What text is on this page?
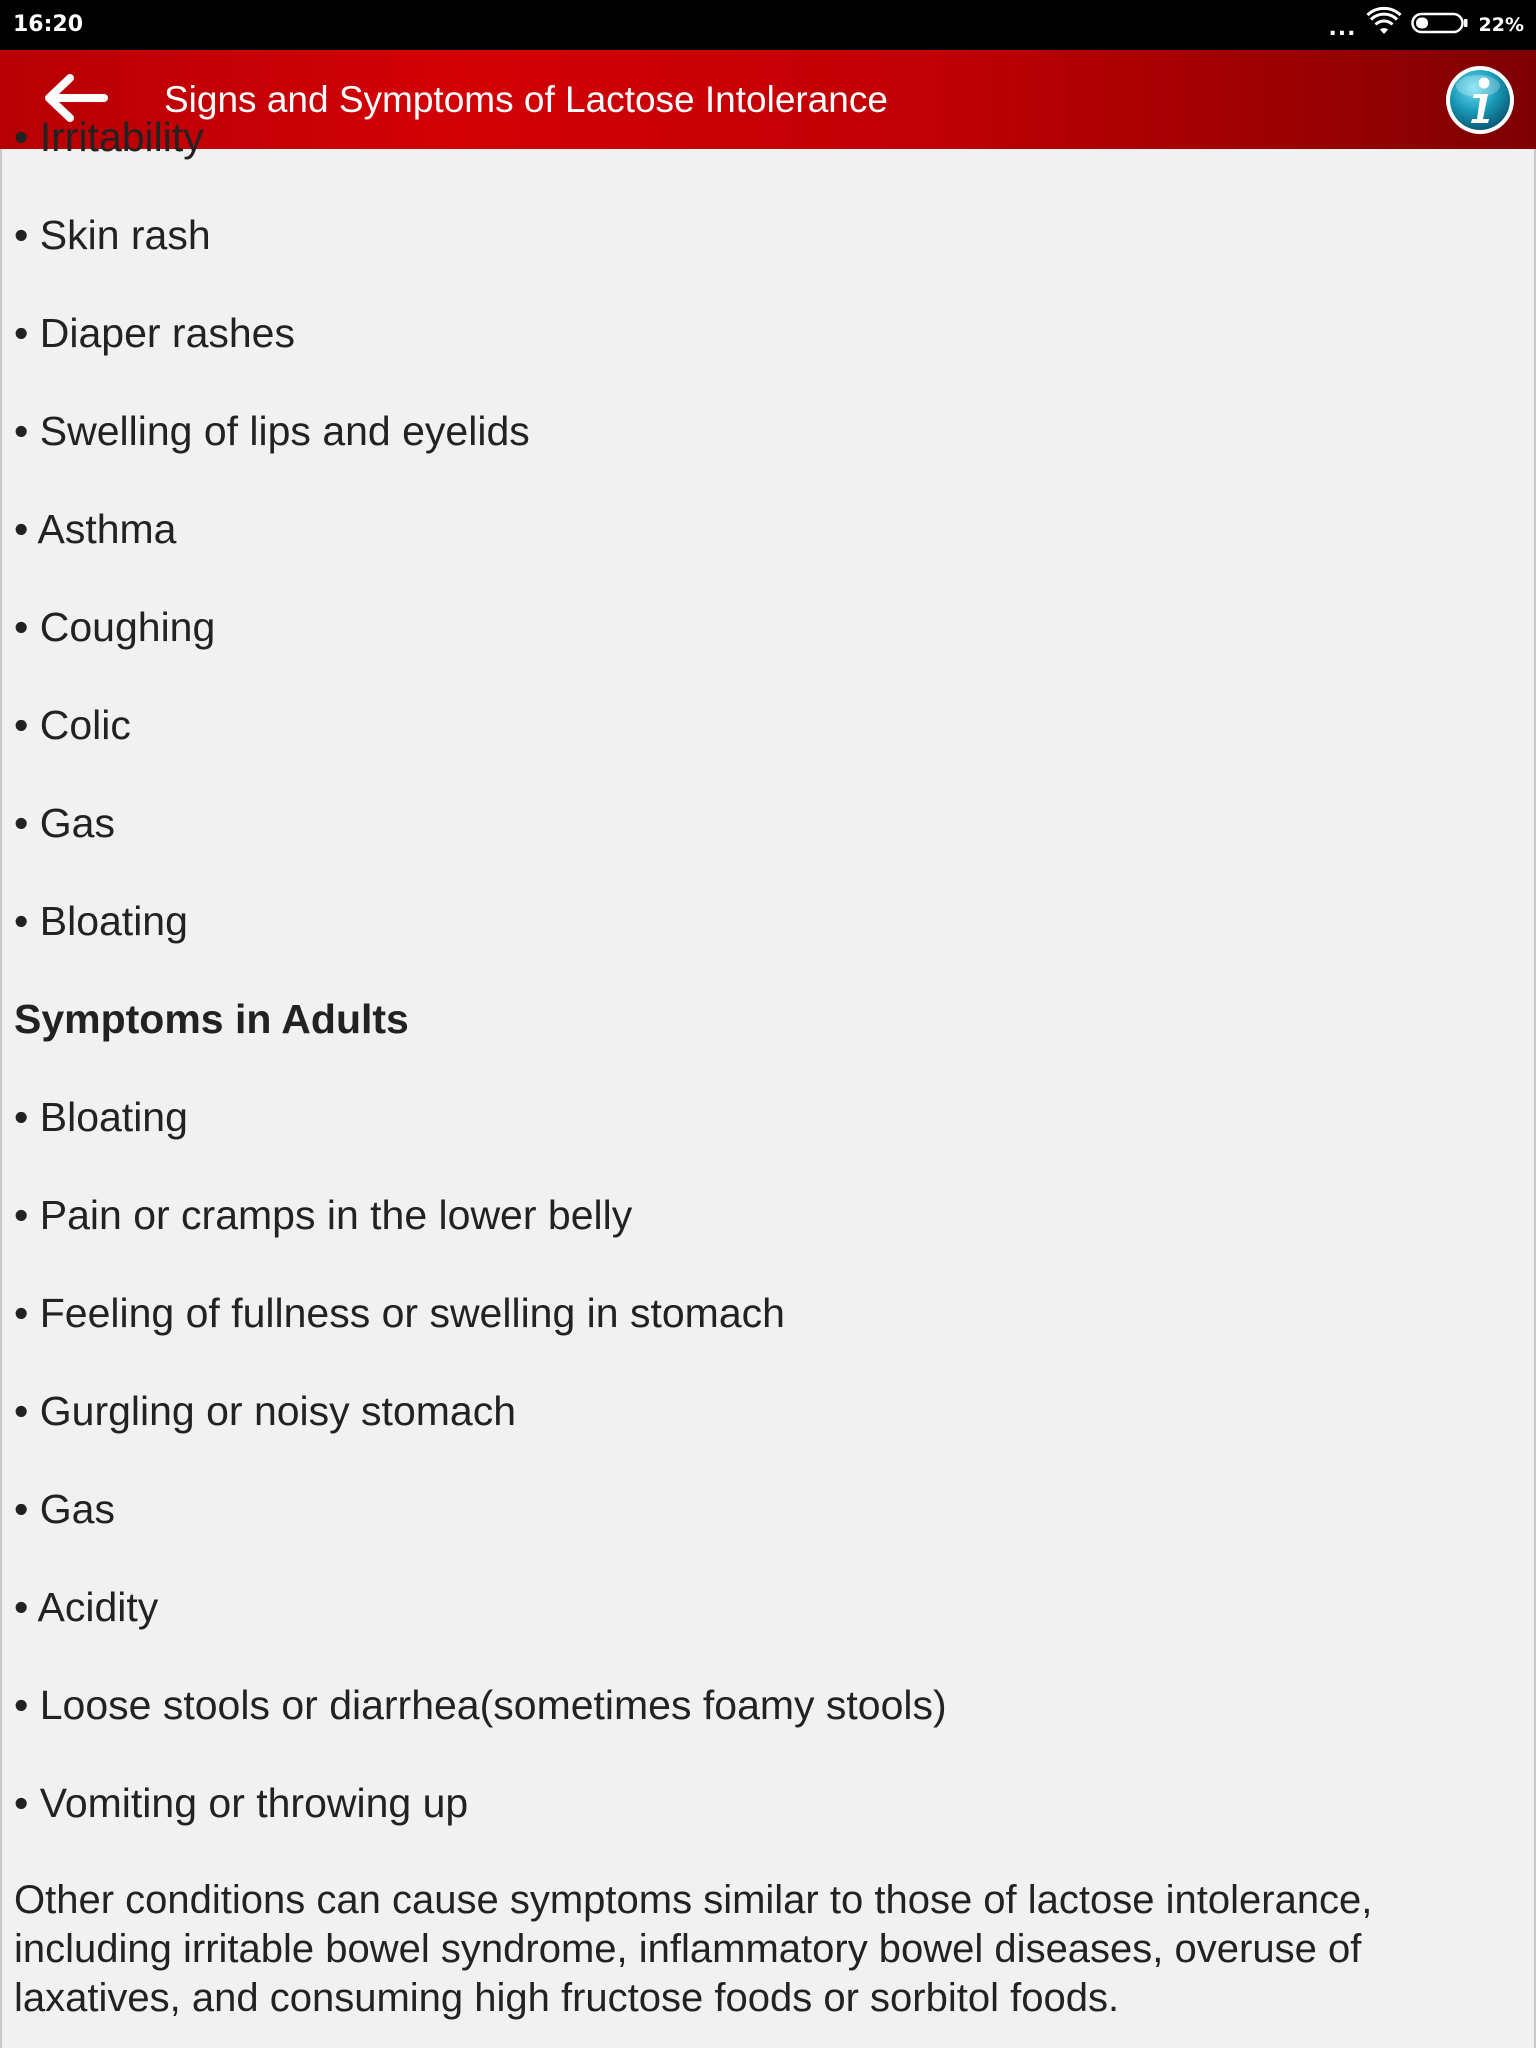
16:20	...	22%
Signs and Symptoms of Lactose Intolerance
• Irritability
• Skin rash
• Diaper rashes
• Swelling of lips and eyelids
• Asthma
• Coughing
• Colic
• Gas
• Bloating
Symptoms in Adults
• Bloating
• Pain or cramps in the lower belly
• Feeling of fullness or swelling in stomach
• Gurgling or noisy stomach
• Gas
• Acidity
• Loose stools or diarrhea(sometimes foamy stools)
• Vomiting or throwing up
Other conditions can cause symptoms similar to those of lactose intolerance, including irritable bowel syndrome, inflammatory bowel diseases, overuse of laxatives, and consuming high fructose foods or sorbitol foods.
